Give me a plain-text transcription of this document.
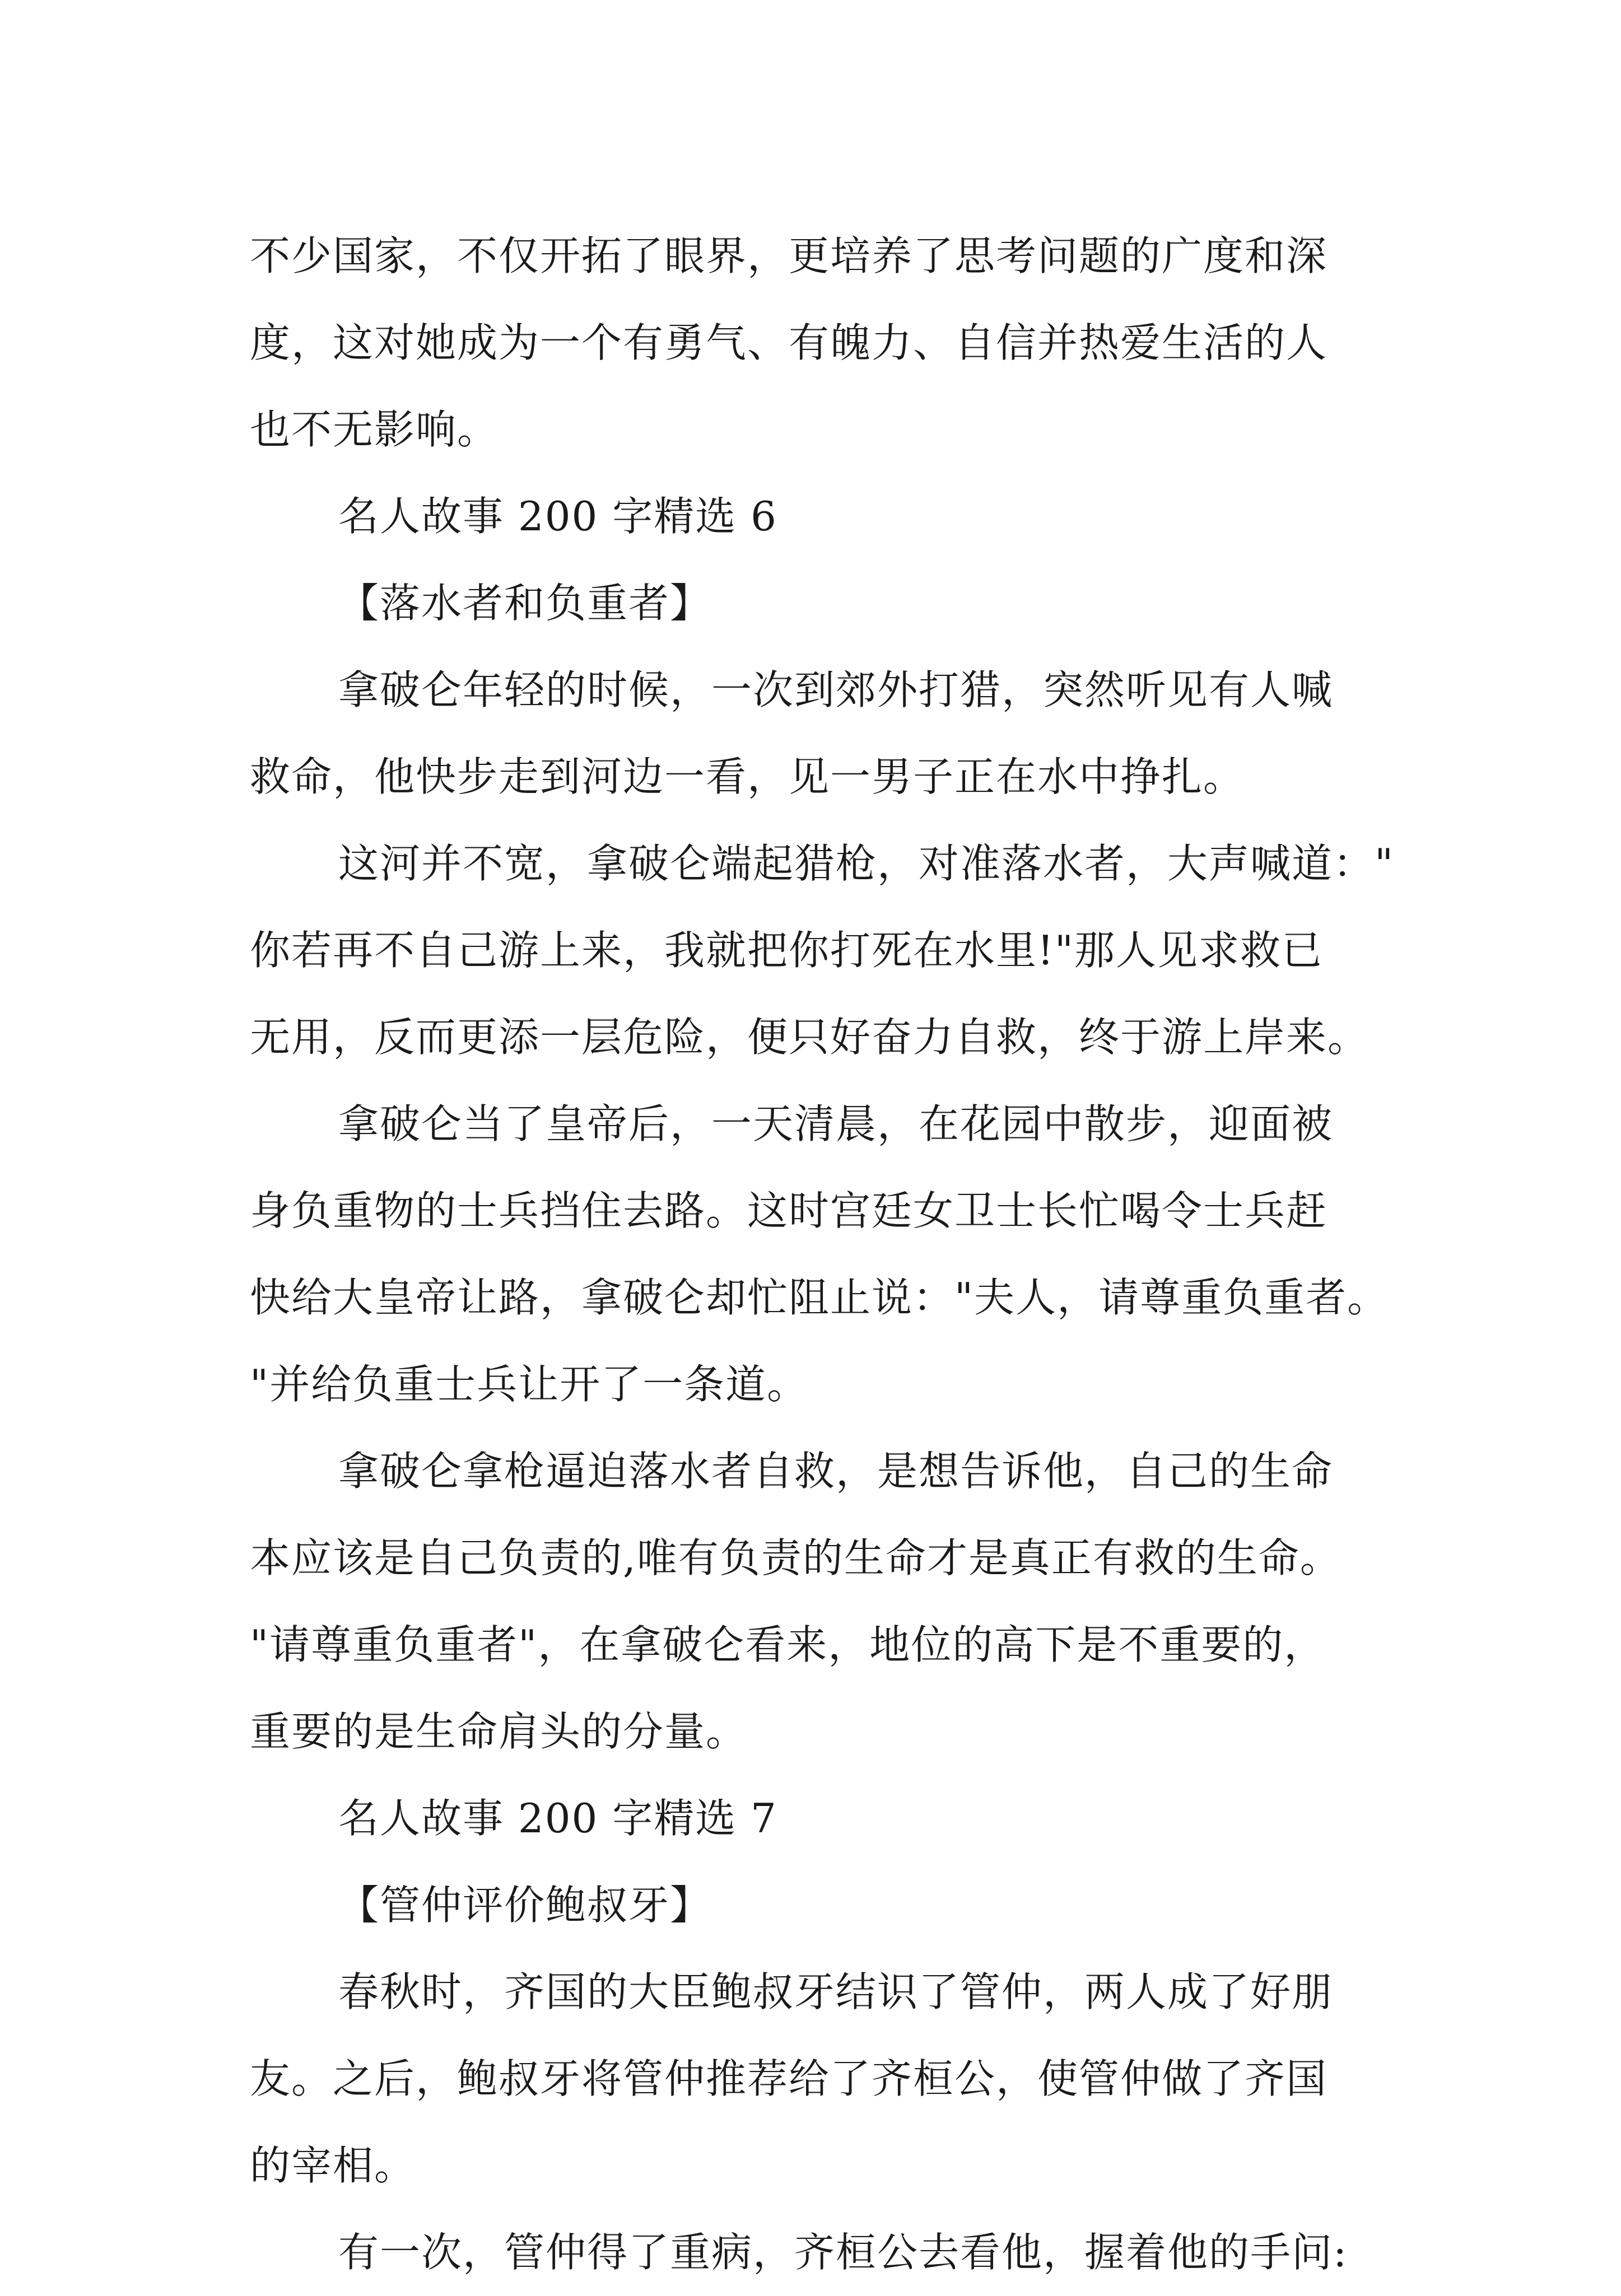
不少国家，不仅开拓了眼界，更培养了思考问题的广度和深
度，这对她成为一个有勇气、有魄力、自信并热爱生活的人
也不无影响。
名人故事 200 字精选 6
【落水者和负重者】
拿破仑年轻的时候，一次到郊外打猎，突然听见有人喊
救命，他快步走到河边一看，见一男子正在水中挣扎。
这河并不宽，拿破仑端起猎枪，对准落水者，大声喊道："
你若再不自己游上来，我就把你打死在水里!"那人见求救已
无用，反而更添一层危险，便只好奋力自救，终于游上岸来。
拿破仑当了皇帝后，一天清晨，在花园中散步，迎面被
身负重物的士兵挡住去路。这时宫廷女卫士长忙喝令士兵赶
快给大皇帝让路，拿破仑却忙阻止说："夫人，请尊重负重者。
"并给负重士兵让开了一条道。
拿破仑拿枪逼迫落水者自救，是想告诉他，自己的生命
本应该是自己负责的,唯有负责的生命才是真正有救的生命。
"请尊重负重者"，在拿破仑看来，地位的高下是不重要的，
重要的是生命肩头的分量。
名人故事 200 字精选 7
【管仲评价鲍叔牙】
春秋时，齐国的大臣鲍叔牙结识了管仲，两人成了好朋
友。之后，鲍叔牙将管仲推荐给了齐桓公，使管仲做了齐国
的宰相。
有一次，管仲得了重病，齐桓公去看他，握着他的手问:
